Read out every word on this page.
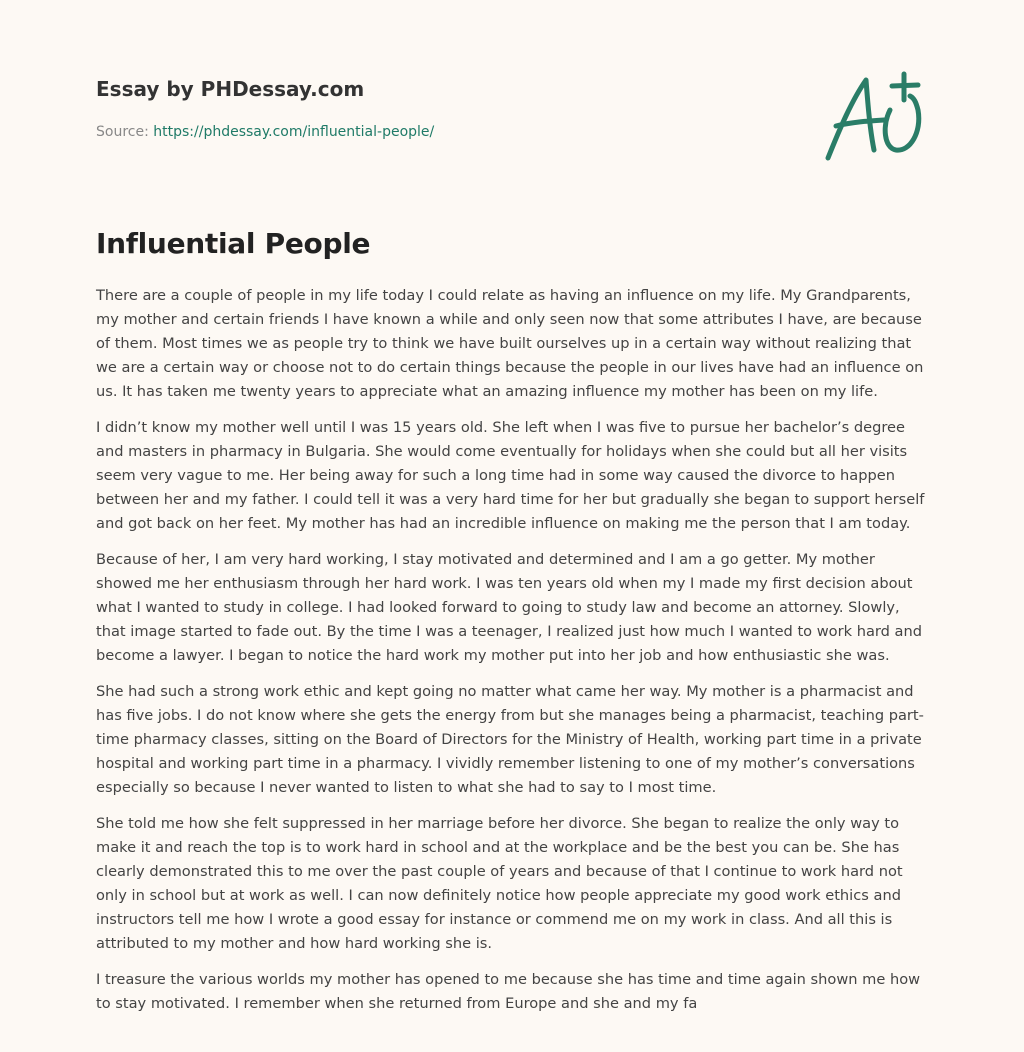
Essay by PHDessay.com
Source: https://phdessay.com/influential-people/
Influential People

There are a couple of people in my life today I could relate as having an influence on my life. My Grandparents, my mother and certain friends I have known a while and only seen now that some attributes I have, are because of them. Most times we as people try to think we have built ourselves up in a certain way without realizing that we are a certain way or choose not to do certain things because the people in our lives have had an influence on us. It has taken me twenty years to appreciate what an amazing influence my mother has been on my life.

I didn’t know my mother well until I was 15 years old. She left when I was five to pursue her bachelor’s degree and masters in pharmacy in Bulgaria. She would come eventually for holidays when she could but all her visits seem very vague to me. Her being away for such a long time had in some way caused the divorce to happen between her and my father. I could tell it was a very hard time for her but gradually she began to support herself and got back on her feet. My mother has had an incredible influence on making me the person that I am today.

Because of her, I am very hard working, I stay motivated and determined and I am a go getter. My mother showed me her enthusiasm through her hard work. I was ten years old when my I made my first decision about what I wanted to study in college. I had looked forward to going to study law and become an attorney. Slowly, that image started to fade out. By the time I was a teenager, I realized just how much I wanted to work hard and become a lawyer. I began to notice the hard work my mother put into her job and how enthusiastic she was.

She had such a strong work ethic and kept going no matter what came her way. My mother is a pharmacist and has five jobs. I do not know where she gets the energy from but she manages being a pharmacist, teaching part-time pharmacy classes, sitting on the Board of Directors for the Ministry of Health, working part time in a private hospital and working part time in a pharmacy. I vividly remember listening to one of my mother’s conversations especially so because I never wanted to listen to what she had to say to I most time.

She told me how she felt suppressed in her marriage before her divorce. She began to realize the only way to make it and reach the top is to work hard in school and at the workplace and be the best you can be. She has clearly demonstrated this to me over the past couple of years and because of that I continue to work hard not only in school but at work as well. I can now definitely notice how people appreciate my good work ethics and instructors tell me how I wrote a good essay for instance or commend me on my work in class. And all this is attributed to my mother and how hard working she is.

I treasure the various worlds my mother has opened to me because she has time and time again shown me how to stay motivated. I remember when she returned from Europe and she and my fa
